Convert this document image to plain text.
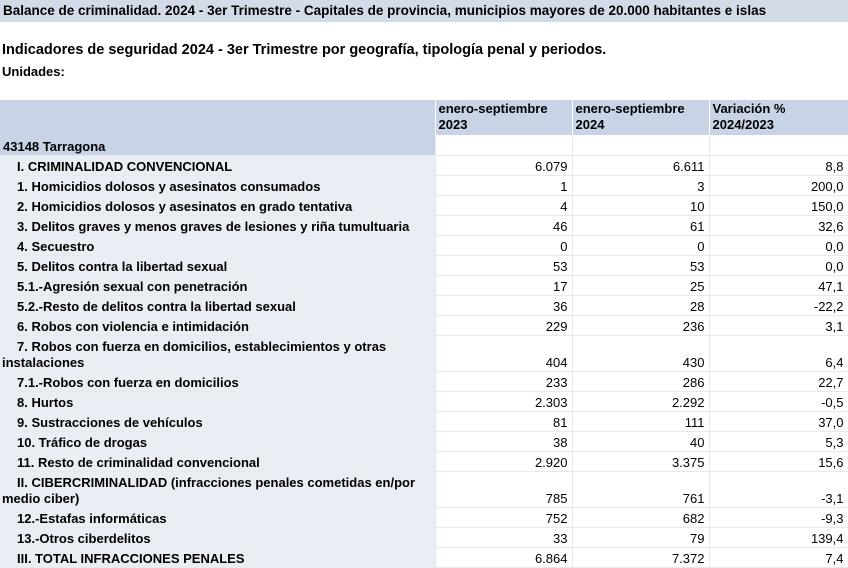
Balance de criminalidad. 2024 - 3er Trimestre - Capitales de provincia, municipios mayores de 20.000 habitantes e islas
Indicadores de seguridad 2024 - 3er Trimestre por geografía, tipología penal y periodos.
Unidades:
	enero-septiembre 2023	enero-septiembre 2024	Variación % 2024/2023
43148 Tarragona			
I. CRIMINALIDAD CONVENCIONAL	6.079	6.611	8,8
1. Homicidios dolosos y asesinatos consumados	1	3	200,0
2. Homicidios dolosos y asesinatos en grado tentativa	4	10	150,0
3. Delitos graves y menos graves de lesiones y riña tumultuaria	46	61	32,6
4. Secuestro	0	0	0,0
5. Delitos contra la libertad sexual	53	53	0,0
5.1.-Agresión sexual con penetración	17	25	47,1
5.2.-Resto de delitos contra la libertad sexual	36	28	-22,2
6. Robos con violencia e intimidación	229	236	3,1
7. Robos con fuerza en domicilios, establecimientos y otras instalaciones	404	430	6,4
7.1.-Robos con fuerza en domicilios	233	286	22,7
8. Hurtos	2.303	2.292	-0,5
9. Sustracciones de vehículos	81	111	37,0
10. Tráfico de drogas	38	40	5,3
11. Resto de criminalidad convencional	2.920	3.375	15,6
II. CIBERCRIMINALIDAD (infracciones penales cometidas en/por medio ciber)	785	761	-3,1
12.-Estafas informáticas	752	682	-9,3
13.-Otros ciberdelitos	33	79	139,4
III. TOTAL INFRACCIONES PENALES	6.864	7.372	7,4
